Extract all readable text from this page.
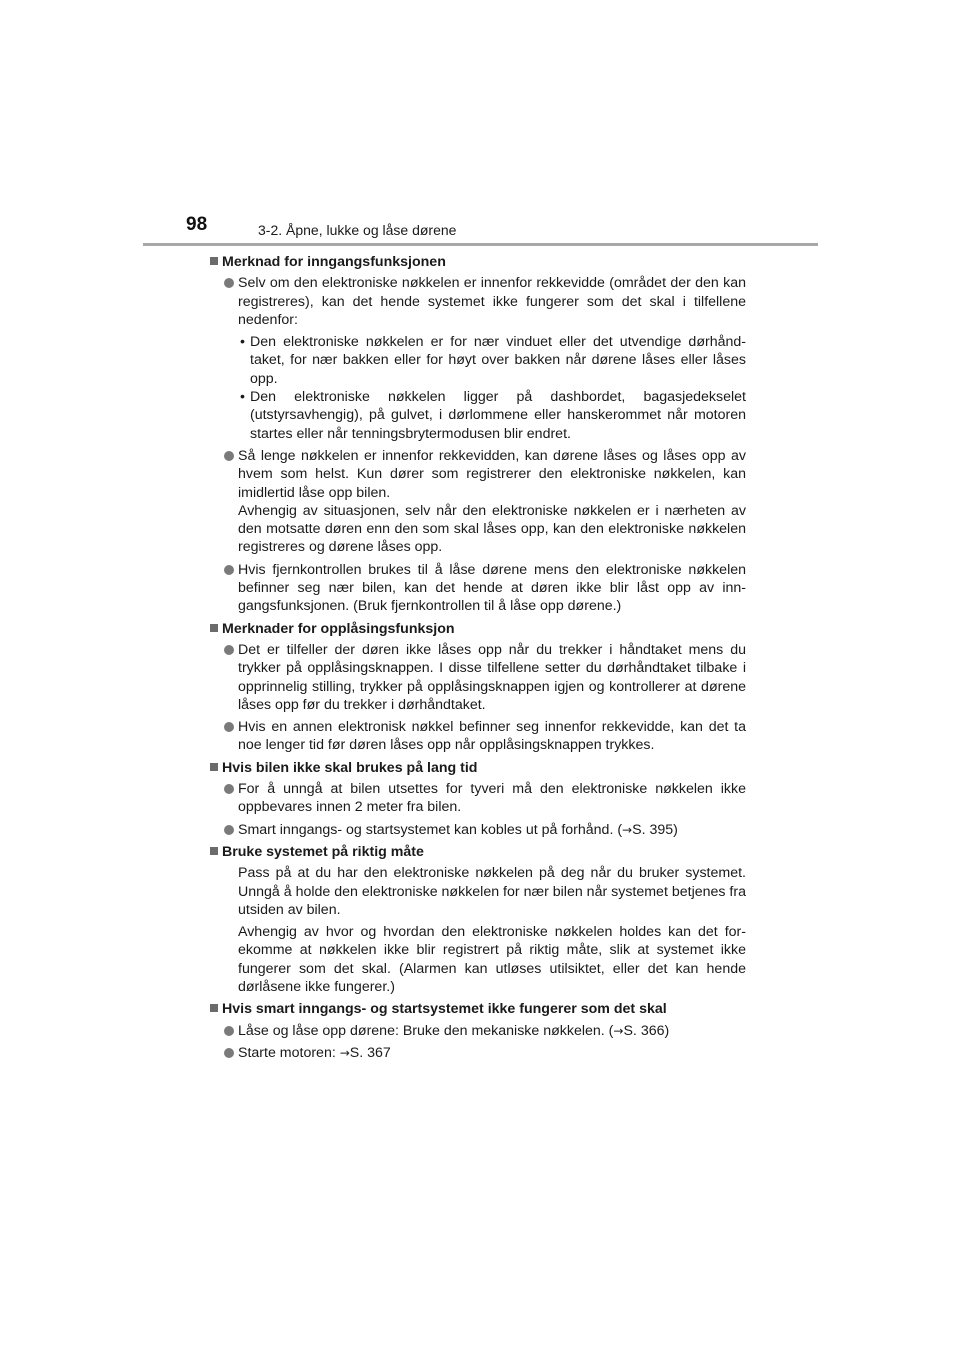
98	3-2. Åpne, lukke og låse dørene
Merknad for inngangsfunksjonen

Selv om den elektroniske nøkkelen er innenfor rekkevidde (området der den kan registreres), kan det hende systemet ikke fungerer som det skal i tilfellene nedenfor:

• Den elektroniske nøkkelen er for nær vinduet eller det utvendige dørhånd-taket, for nær bakken eller for høyt over bakken når dørene låses eller låses opp.
• Den elektroniske nøkkelen ligger på dashbordet, bagasjedekselet (utstyrsavhengig), på gulvet, i dørlommene eller hanskerommet når motoren startes eller når tenningsbrytermodusen blir endret.

Så lenge nøkkelen er innenfor rekkevidden, kan dørene låses og låses opp av hvem som helst. Kun dører som registrerer den elektroniske nøkkelen, kan imidlertid låse opp bilen.

Avhengig av situasjonen, selv når den elektroniske nøkkelen er i nærheten av den motsatte døren enn den som skal låses opp, kan den elektroniske nøkkelen registreres og dørene låses opp.

Hvis fjernkontrollen brukes til å låse dørene mens den elektroniske nøkkelen befinner seg nær bilen, kan det hende at døren ikke blir låst opp av inn-gangsfunksjonen. (Bruk fjernkontrollen til å låse opp dørene.)

Merknader for opplåsingsfunksjon

Det er tilfeller der døren ikke låses opp når du trekker i håndtaket mens du trykker på opplåsingsknappen. I disse tilfellene setter du dørhåndtaket tilbake i opprinnelig stilling, trykker på opplåsingsknappen igjen og kontrollerer at dørene låses opp før du trekker i dørhåndtaket.

Hvis en annen elektronisk nøkkel befinner seg innenfor rekkevidde, kan det ta noe lenger tid før døren låses opp når opplåsingsknappen trykkes.

Hvis bilen ikke skal brukes på lang tid

For å unngå at bilen utsettes for tyveri må den elektroniske nøkkelen ikke oppbevares innen 2 meter fra bilen.

Smart inngangs- og startsystemet kan kobles ut på forhånd. (→S. 395)

Bruke systemet på riktig måte

Pass på at du har den elektroniske nøkkelen på deg når du bruker systemet. Unngå å holde den elektroniske nøkkelen for nær bilen når systemet betjenes fra utsiden av bilen.

Avhengig av hvor og hvordan den elektroniske nøkkelen holdes kan det for-ekomme at nøkkelen ikke blir registrert på riktig måte, slik at systemet ikke fungerer som det skal. (Alarmen kan utløses utilsiktet, eller det kan hende dørlåsene ikke fungerer.)

Hvis smart inngangs- og startsystemet ikke fungerer som det skal

Låse og låse opp dørene: Bruke den mekaniske nøkkelen. (→S. 366)

Starte motoren: →S. 367
